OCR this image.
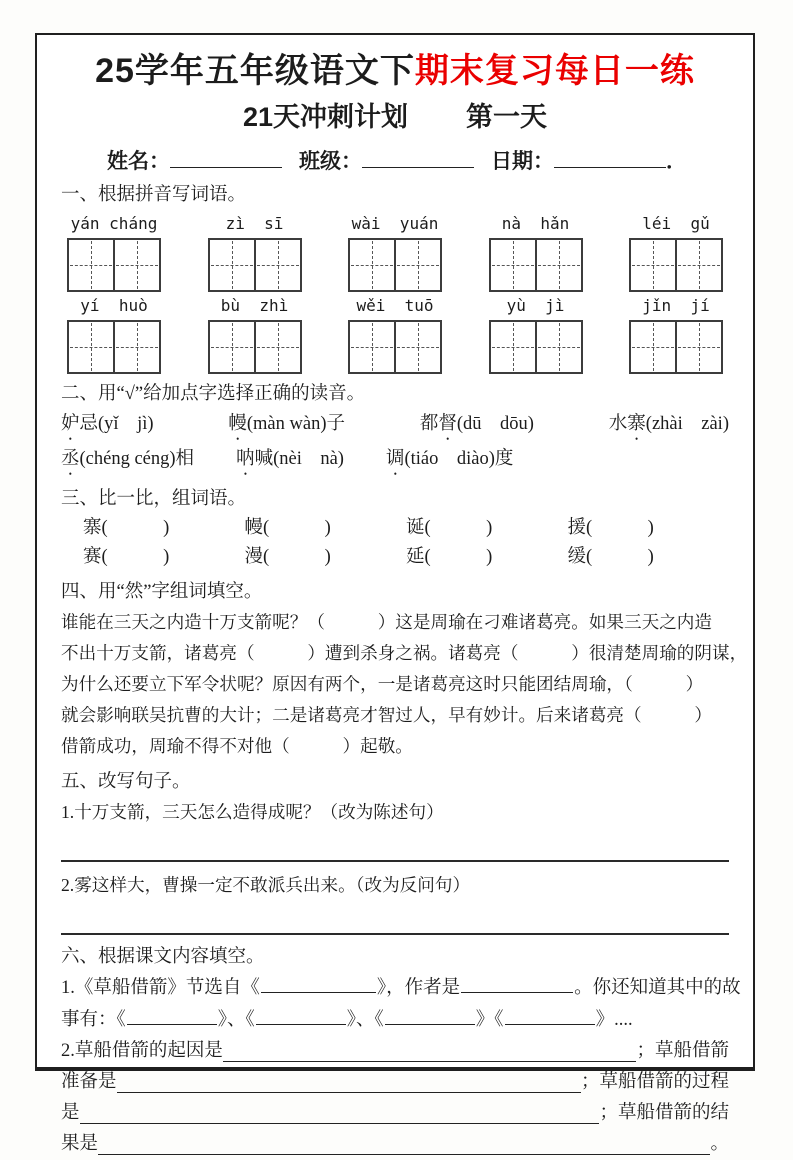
25学年五年级语文下期末复习每日一练
21天冲刺计划 第一天
姓名：	班级：	日期：	．
一、根据拼音写词语。
yán cháng	zì  sī	wài  yuán	nà  hǎn	léi  gǔ
yí  huò	bù  zhì	wěi  tuō	yù  jì	jǐn  jí
二、用“√”给加点字选择正确的读音。
妒忌(yǐ　jì)	幔(màn wàn)子	都督(dū　dōu)	水寨(zhài　zài)
丞(chéng céng)相 呐喊(nèi　nà) 调(tiáo　diào)度
三、比一比，组词语。
寨(　　　)	幔(　　　)	诞(　　　)	援(　　　)
赛(　　　)	漫(　　　)	延(　　　)	缓(　　　)
四、用“然”字组词填空。
谁能在三天之内造十万支箭呢？（　　　）这是周瑜在刁难诸葛亮。如果三天之内造
不出十万支箭，诸葛亮（　　　）遭到杀身之祸。诸葛亮（　　　）很清楚周瑜的阴谋，
为什么还要立下军令状呢？原因有两个，一是诸葛亮这时只能团结周瑜，（　　　）
就会影响联吴抗曹的大计；二是诸葛亮才智过人，早有妙计。后来诸葛亮（　　　）
借箭成功，周瑜不得不对他（　　　）起敬。
五、改写句子。
1.十万支箭，三天怎么造得成呢？（改为陈述句）
2.雾这样大，曹操一定不敢派兵出来。（改为反问句）
六、根据课文内容填空。
1.《草船借箭》节选自《	》，作者是	。你还知道其中的故
事有：《	》、《	》、《	》《	》....
2.草船借箭的起因是	；草船借箭
准备是	；草船借箭的过程
是	；草船借箭的结
果是	。
